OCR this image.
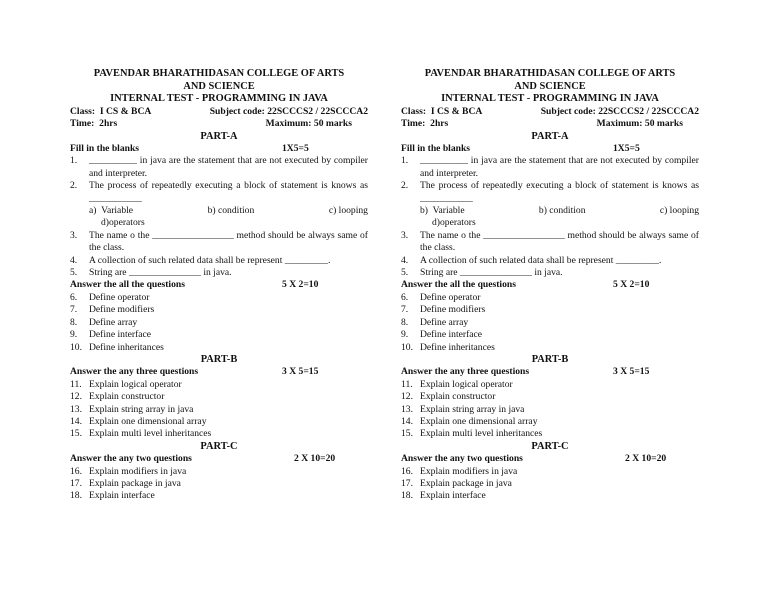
PAVENDAR BHARATHIDASAN COLLEGE OF ARTS
AND SCIENCE
INTERNAL TEST - PROGRAMMING IN JAVA
Class: I CS & BCA	Subject code: 22SCCCS2 / 22SCCCA2
Time: 2hrs	Maximum: 50 marks
PART-A
Fill in the blanks	1X5=5
1.	__________ in java are the statement that are not executed by compiler and interpreter.
2.	The process of repeatedly executing a block of statement is knows as ___________
a) Variable	b) condition	c) looping
d)operators
3.	The name o the _________________ method should be always same of the class.
4.	A collection of such related data shall be represent _________.
5.	String are _______________ in java.
Answer the all the questions	5 X 2=10
6.	Define operator
7.	Define modifiers
8.	Define array
9.	Define interface
10. Define inheritances
PART-B
Answer the any three questions	3 X 5=15
11. Explain logical operator
12. Explain constructor
13. Explain string array in java
14. Explain one dimensional array
15. Explain multi level inheritances
PART-C
Answer the any two questions	2 X 10=20
16. Explain modifiers in java
17. Explain package in java
18. Explain interface
PAVENDAR BHARATHIDASAN COLLEGE OF ARTS
AND SCIENCE
INTERNAL TEST - PROGRAMMING IN JAVA
Class: I CS & BCA	Subject code: 22SCCCS2 / 22SCCCA2
Time: 2hrs	Maximum: 50 marks
PART-A
Fill in the blanks	1X5=5
1.	__________ in java are the statement that are not executed by compiler and interpreter.
2.	The process of repeatedly executing a block of statement is knows as ___________
b) Variable	b) condition	c) looping
d)operators
3.	The name o the _________________ method should be always same of the class.
4.	A collection of such related data shall be represent _________.
5.	String are _______________ in java.
Answer the all the questions	5 X 2=10
6.	Define operator
7.	Define modifiers
8.	Define array
9.	Define interface
10. Define inheritances
PART-B
Answer the any three questions	3 X 5=15
11. Explain logical operator
12. Explain constructor
13. Explain string array in java
14. Explain one dimensional array
15. Explain multi level inheritances
PART-C
Answer the any two questions	2 X 10=20
16. Explain modifiers in java
17. Explain package in java
18. Explain interface
